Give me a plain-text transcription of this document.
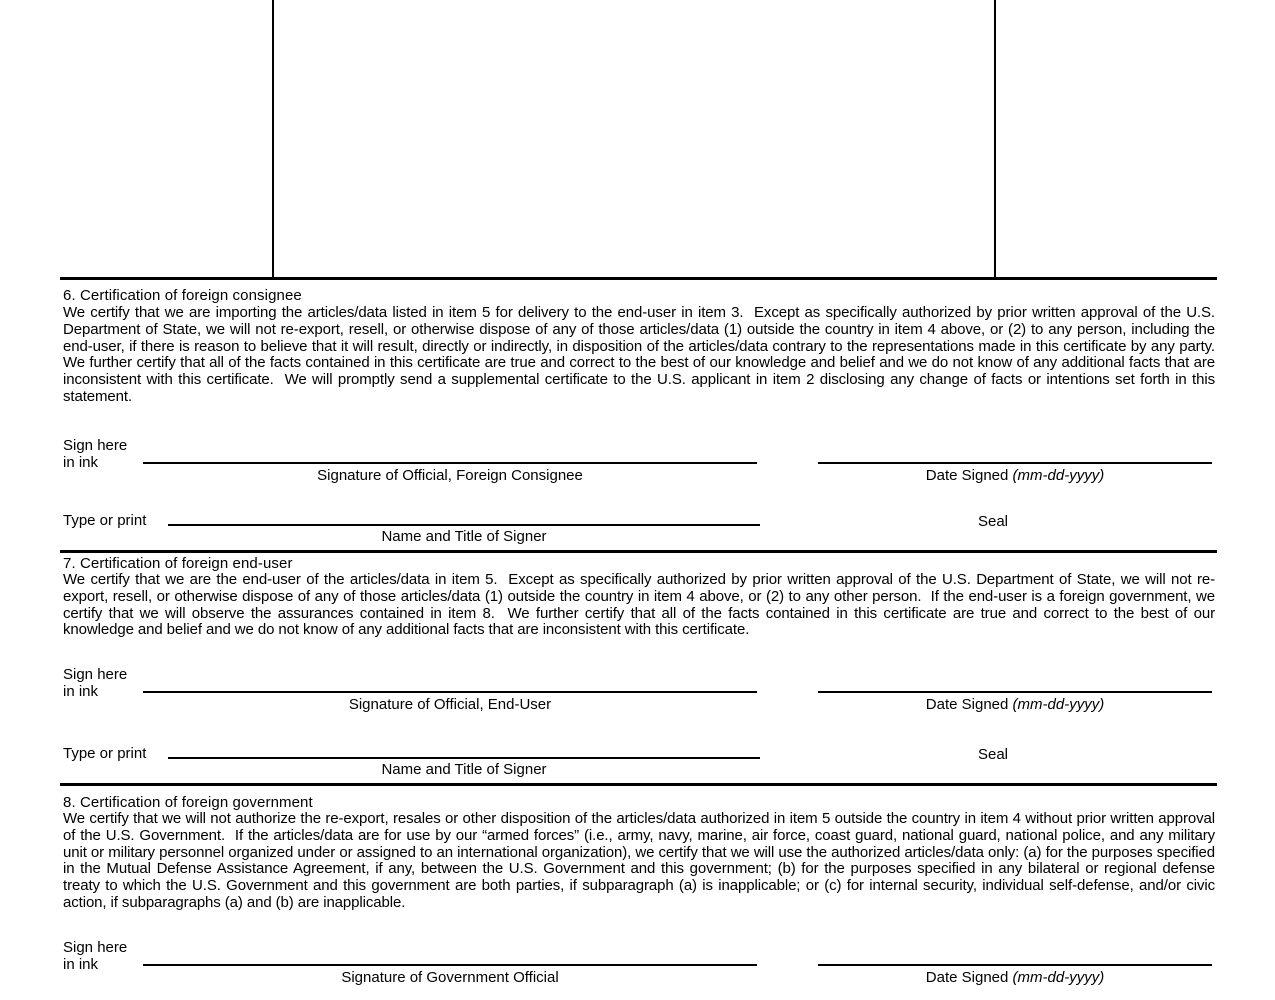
6. Certification of foreign consignee
We certify that we are importing the articles/data listed in item 5 for delivery to the end-user in item 3.  Except as specifically authorized by prior written approval of the U.S. Department of State, we will not re-export, resell, or otherwise dispose of any of those articles/data (1) outside the country in item 4 above, or (2) to any person, including the end-user, if there is reason to believe that it will result, directly or indirectly, in disposition of the articles/data contrary to the representations made in this certificate by any party.  We further certify that all of the facts contained in this certificate are true and correct to the best of our knowledge and belief and we do not know of any additional facts that are inconsistent with this certificate.  We will promptly send a supplemental certificate to the U.S. applicant in item 2 disclosing any change of facts or intentions set forth in this statement.
Sign here
in ink
Signature of Official, Foreign Consignee	Date Signed (mm-dd-yyyy)
Type or print
Name and Title of Signer
Seal
7. Certification of foreign end-user
We certify that we are the end-user of the articles/data in item 5.  Except as specifically authorized by prior written approval of the U.S. Department of State, we will not re-export, resell, or otherwise dispose of any of those articles/data (1) outside the country in item 4 above, or (2) to any other person.  If the end-user is a foreign government, we certify that we will observe the assurances contained in item 8.  We further certify that all of the facts contained in this certificate are true and correct to the best of our knowledge and belief and we do not know of any additional facts that are inconsistent with this certificate.
Sign here
in ink
Signature of Official, End-User	Date Signed (mm-dd-yyyy)
Type or print
Name and Title of Signer
Seal
8. Certification of foreign government
We certify that we will not authorize the re-export, resales or other disposition of the articles/data authorized in item 5 outside the country in item 4 without prior written approval of the U.S. Government.  If the articles/data are for use by our “armed forces” (i.e., army, navy, marine, air force, coast guard, national guard, national police, and any military unit or military personnel organized under or assigned to an international organization), we certify that we will use the authorized articles/data only: (a) for the purposes specified in the Mutual Defense Assistance Agreement, if any, between the U.S. Government and this government; (b) for the purposes specified in any bilateral or regional defense treaty to which the U.S. Government and this government are both parties, if subparagraph (a) is inapplicable; or (c) for internal security, individual self-defense, and/or civic action, if subparagraphs (a) and (b) are inapplicable.
Sign here
in ink
Signature of Government Official	Date Signed (mm-dd-yyyy)
